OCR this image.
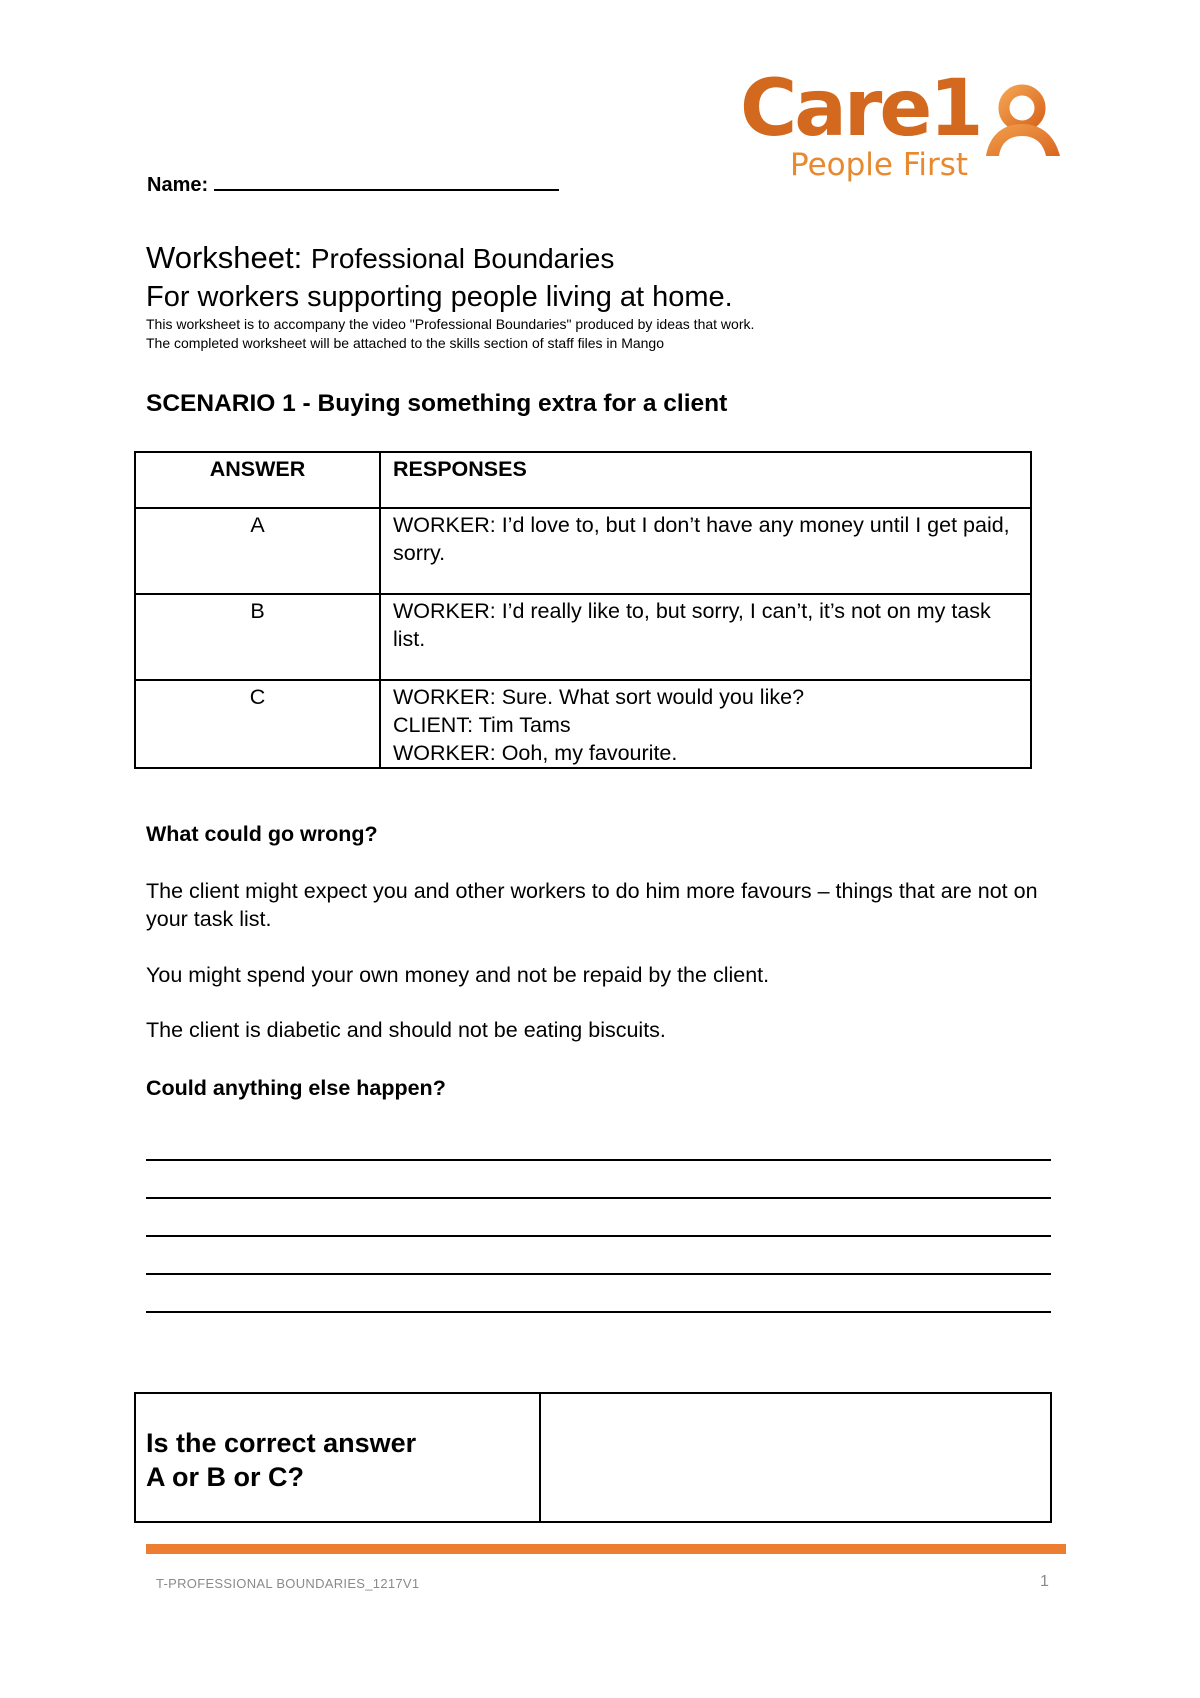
Care1
People First
Name:
Worksheet: Professional Boundaries
For workers supporting people living at home.
This worksheet is to accompany the video "Professional Boundaries" produced by ideas that work.
The completed worksheet will be attached to the skills section of staff files in Mango
SCENARIO 1 - Buying something extra for a client
ANSWER	RESPONSES
A	WORKER: I’d love to, but I don’t have any money until I get paid, sorry.

B	WORKER: I’d really like to, but sorry, I can’t, it’s not on my task list.

C	WORKER: Sure. What sort would you like?
CLIENT: Tim Tams
WORKER: Ooh, my favourite.
What could go wrong?
The client might expect you and other workers to do him more favours – things that are not on your task list.
You might spend your own money and not be repaid by the client.
The client is diabetic and should not be eating biscuits.
Could anything else happen?
Is the correct answer
A or B or C?
T-PROFESSIONAL BOUNDARIES_1217V1	1
